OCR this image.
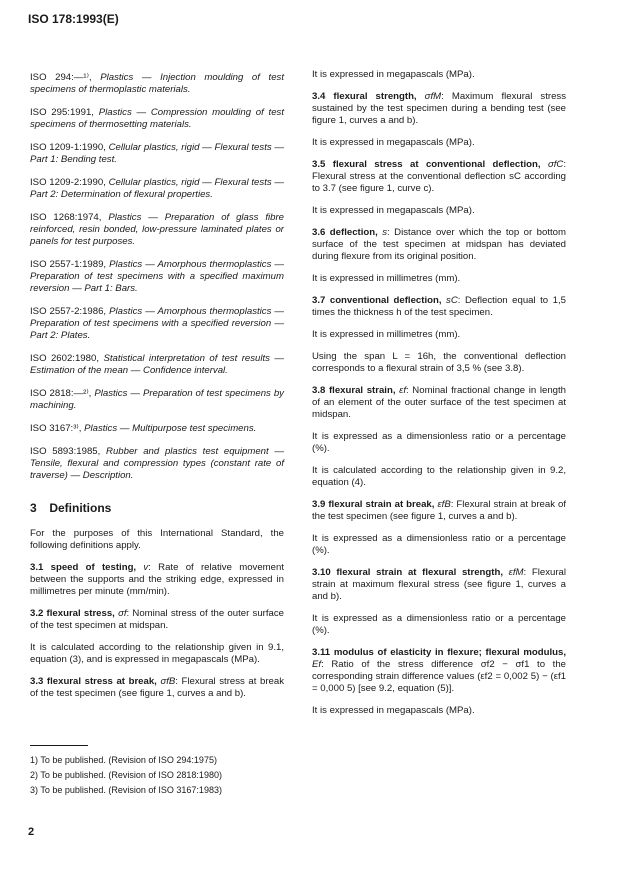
ISO 178:1993(E)
ISO 294:—¹⁾, Plastics — Injection moulding of test specimens of thermoplastic materials.
ISO 295:1991, Plastics — Compression moulding of test specimens of thermosetting materials.
ISO 1209-1:1990, Cellular plastics, rigid — Flexural tests — Part 1: Bending test.
ISO 1209-2:1990, Cellular plastics, rigid — Flexural tests — Part 2: Determination of flexural properties.
ISO 1268:1974, Plastics — Preparation of glass fibre reinforced, resin bonded, low-pressure laminated plates or panels for test purposes.
ISO 2557-1:1989, Plastics — Amorphous thermoplastics — Preparation of test specimens with a specified maximum reversion — Part 1: Bars.
ISO 2557-2:1986, Plastics — Amorphous thermoplastics — Preparation of test specimens with a specified reversion — Part 2: Plates.
ISO 2602:1980, Statistical interpretation of test results — Estimation of the mean — Confidence interval.
ISO 2818:—²⁾, Plastics — Preparation of test specimens by machining.
ISO 3167:³⁾, Plastics — Multipurpose test specimens.
ISO 5893:1985, Rubber and plastics test equipment — Tensile, flexural and compression types (constant rate of traverse) — Description.
3 Definitions
For the purposes of this International Standard, the following definitions apply.
3.1 speed of testing, v: Rate of relative movement between the supports and the striking edge, expressed in millimetres per minute (mm/min).
3.2 flexural stress, σf: Nominal stress of the outer surface of the test specimen at midspan.
It is calculated according to the relationship given in 9.1, equation (3), and is expressed in megapascals (MPa).
3.3 flexural stress at break, σfB: Flexural stress at break of the test specimen (see figure 1, curves a and b).
It is expressed in megapascals (MPa).
3.4 flexural strength, σfM: Maximum flexural stress sustained by the test specimen during a bending test (see figure 1, curves a and b).
It is expressed in megapascals (MPa).
3.5 flexural stress at conventional deflection, σfC: Flexural stress at the conventional deflection sC according to 3.7 (see figure 1, curve c).
It is expressed in megapascals (MPa).
3.6 deflection, s: Distance over which the top or bottom surface of the test specimen at midspan has deviated during flexure from its original position.
It is expressed in millimetres (mm).
3.7 conventional deflection, sC: Deflection equal to 1,5 times the thickness h of the test specimen.
It is expressed in millimetres (mm).
Using the span L = 16h, the conventional deflection corresponds to a flexural strain of 3,5 % (see 3.8).
3.8 flexural strain, εf: Nominal fractional change in length of an element of the outer surface of the test specimen at midspan.
It is expressed as a dimensionless ratio or a percentage (%).
It is calculated according to the relationship given in 9.2, equation (4).
3.9 flexural strain at break, εfB: Flexural strain at break of the test specimen (see figure 1, curves a and b).
It is expressed as a dimensionless ratio or a percentage (%).
3.10 flexural strain at flexural strength, εfM: Flexural strain at maximum flexural stress (see figure 1, curves a and b).
It is expressed as a dimensionless ratio or a percentage (%).
3.11 modulus of elasticity in flexure; flexural modulus, Ef: Ratio of the stress difference σf2 − σf1 to the corresponding strain difference values (εf2 = 0,002 5) − (εf1 = 0,000 5) [see 9.2, equation (5)].
It is expressed in megapascals (MPa).
1) To be published. (Revision of ISO 294:1975)
2) To be published. (Revision of ISO 2818:1980)
3) To be published. (Revision of ISO 3167:1983)
2
